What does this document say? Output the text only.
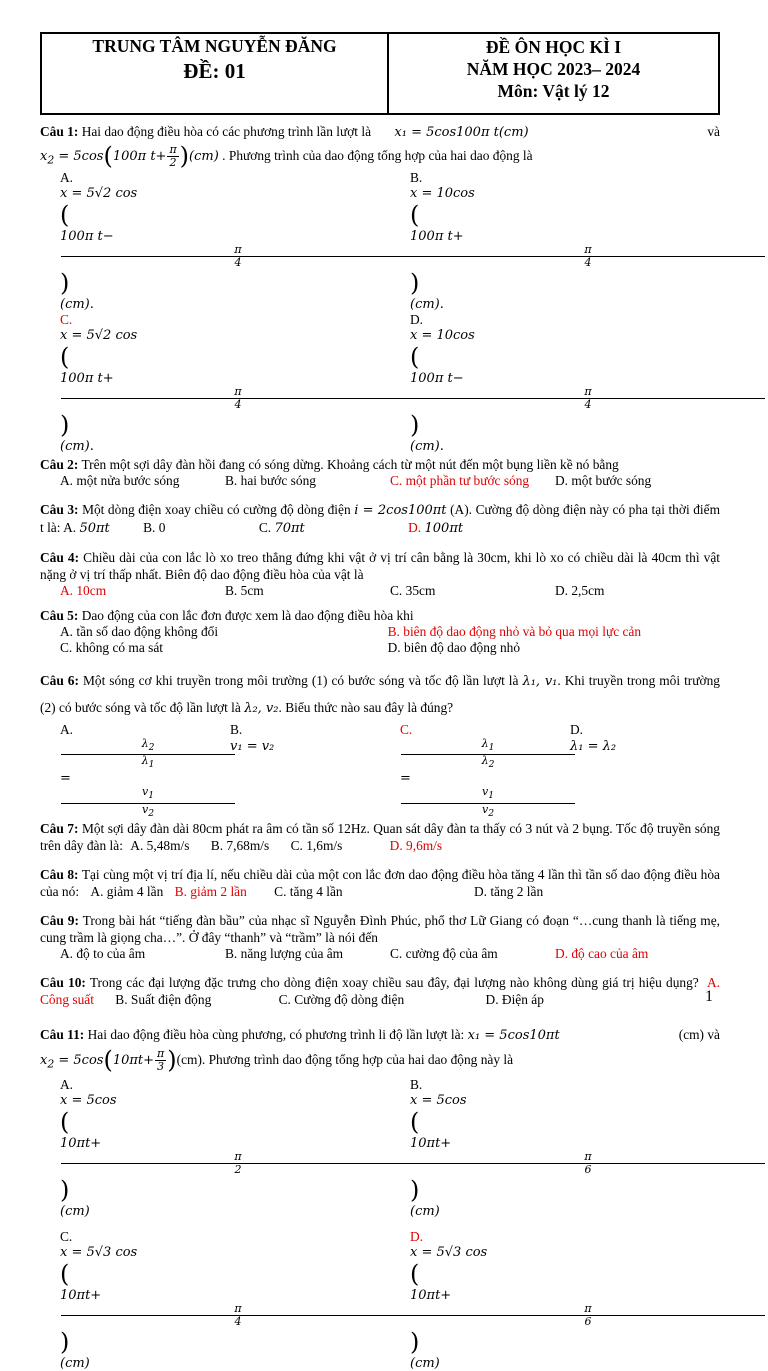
TRUNG TÂM NGUYỄN ĐĂNG
ĐỀ: 01
ĐỀ ÔN HỌC KÌ I
NĂM HỌC 2023– 2024
Môn: Vật lý 12
Câu 1: Hai dao động điều hòa có các phương trình lần lượt là x₁ = 5cos100π t(cm)	và
$x_2 = 5\cos(100\pi$ $t+ \frac{\pi}{2} )(cm)$ . Phương trình của dao động tổng hợp của hai dao động là
A. x = 5√2 cos(100π t−
$\frac{\pi}{4}$
)(cm).
B. x = 10cos(100π t+
$\frac{\pi}{4}$
)(cm).
C. x = 5√2 cos(100π t+
$\frac{\pi}{4}$
)(cm).
D. x = 10cos(100π t−
$\frac{\pi}{4}$
)(cm).
Câu 2: Trên một sợi dây đàn hồi đang có sóng dừng. Khoảng cách từ một nút đến một bụng liền kề nó bằng
A. một nửa bước sóng	B. hai bước sóng	C. một phần tư bước sóng	D. một bước sóng
Câu 3: Một dòng điện xoay chiều có cường độ dòng điện i = 2cos100πt (A). Cường độ dòng điện này có pha tại thời điểm t là: A. 50πt B. 0	C. 70πt	D. 100πt
Câu 4: Chiều dài của con lắc lò xo treo thẳng đứng khi vật ở vị trí cân bằng là 30cm, khi lò xo có chiều dài là 40cm thì vật nặng ở vị trí thấp nhất. Biên độ dao động điều hòa của vật là
A. 10cm	B. 5cm	C. 35cm	D. 2,5cm
Câu 5: Dao động của con lắc đơn được xem là dao động điều hòa khi
A. tần số dao động không đổi	B. biên độ dao động nhỏ và bỏ qua mọi lực cản
C. không có ma sát	D. biên độ dao động nhỏ
Câu 6: Một sóng cơ khi truyền trong môi trường (1) có bước sóng và tốc độ lần lượt là λ₁, v₁. Khi truyền trong môi trường (2) có bước sóng và tốc độ lần lượt là λ₂, v₂. Biểu thức nào sau đây là đúng?
A.
$\frac{\lambda_2}{\lambda_1}$
=
$\frac{v_1}{v_2}$
B. v₁ = v₂
C.
$\frac{\lambda_1}{\lambda_2}$
=
$\frac{v_1}{v_2}$
D. λ₁ = λ₂
Câu 7: Một sợi dây đàn dài 80cm phát ra âm có tần số 12Hz. Quan sát dây đàn ta thấy có 3 nút và 2 bụng. Tốc độ truyền sóng trên dây đàn là: A. 5,48m/s B. 7,68m/s C. 1,6m/s	D. 9,6m/s
Câu 8: Tại cùng một vị trí địa lí, nếu chiều dài của một con lắc đơn dao động điều hòa tăng 4 lần thì tần số dao động điều hòa của nó: A. giảm 4 lần B. giảm 2 lần C. tăng 4 lần	D. tăng 2 lần
Câu 9: Trong bài hát “tiếng đàn bầu” của nhạc sĩ Nguyễn Đình Phúc, phổ thơ Lữ Giang có đoạn “…cung thanh là tiếng mẹ, cung trầm là giọng cha…”. Ở đây “thanh” và “trầm” là nói đến
A. độ to của âm	B. năng lượng của âm	C. cường độ của âm	D. độ cao của âm
Câu 10: Trong các đại lượng đặc trưng cho dòng điện xoay chiều sau đây, đại lượng nào không dùng giá trị hiệu dụng? A. Công suất B. Suất điện động	C. Cường độ dòng điện	D. Điện áp
Câu 11: Hai dao động điều hòa cùng phương, có phương trình li độ lần lượt là: x₁ = 5cos10πt	(cm) và
$x_2 = 5\cos(10\pi t+ \frac{\pi}{3} )(cm)$. Phương trình dao động tổng hợp của hai dao động này là
A. x = 5cos(10πt+
$\frac{\pi}{2}$
)(cm)
B. x = 5cos(10πt+
$\frac{\pi}{6}$
)(cm)
C. x = 5√3 cos(10πt+
$\frac{\pi}{4}$
)(cm)
D. x = 5√3 cos(10πt+
$\frac{\pi}{6}$
)(cm)
1
